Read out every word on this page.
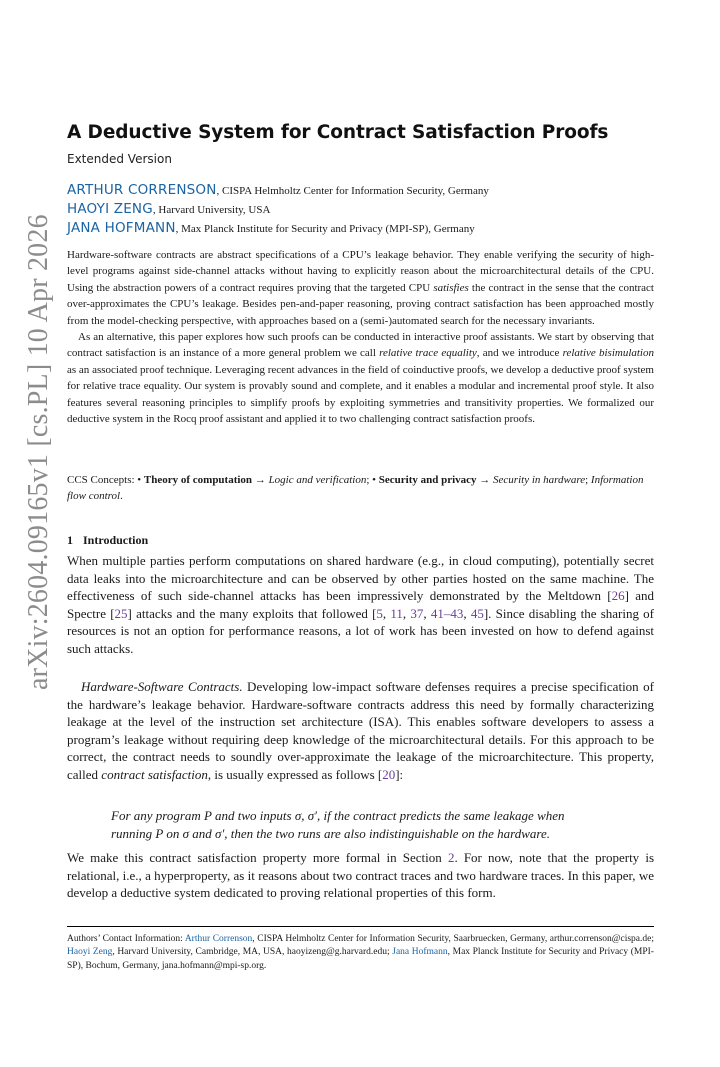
arXiv:2604.09165v1 [cs.PL] 10 Apr 2026
A Deductive System for Contract Satisfaction Proofs
Extended Version
ARTHUR CORRENSON, CISPA Helmholtz Center for Information Security, Germany
HAOYI ZENG, Harvard University, USA
JANA HOFMANN, Max Planck Institute for Security and Privacy (MPI-SP), Germany

Hardware-software contracts are abstract specifications of a CPU’s leakage behavior. They enable verifying the security of high-level programs against side-channel attacks without having to explicitly reason about the microarchitectural details of the CPU. Using the abstraction powers of a contract requires proving that the targeted CPU satisfies the contract in the sense that the contract over-approximates the CPU’s leakage. Besides pen-and-paper reasoning, proving contract satisfaction has been approached mostly from the model-checking perspective, with approaches based on a (semi-)automated search for the necessary invariants.

As an alternative, this paper explores how such proofs can be conducted in interactive proof assistants. We start by observing that contract satisfaction is an instance of a more general problem we call relative trace equality, and we introduce relative bisimulation as an associated proof technique. Leveraging recent advances in the field of coinductive proofs, we develop a deductive proof system for relative trace equality. Our system is provably sound and complete, and it enables a modular and incremental proof style. It also features several reasoning principles to simplify proofs by exploiting symmetries and transitivity properties. We formalized our deductive system in the Rocq proof assistant and applied it to two challenging contract satisfaction proofs.

CCS Concepts: • Theory of computation → Logic and verification; • Security and privacy → Security in hardware; Information flow control.
1 Introduction

When multiple parties perform computations on shared hardware (e.g., in cloud computing), potentially secret data leaks into the microarchitecture and can be observed by other parties hosted on the same machine. The effectiveness of such side-channel attacks has been impressively demonstrated by the Meltdown [26] and Spectre [25] attacks and the many exploits that followed [5, 11, 37, 41–43, 45]. Since disabling the sharing of resources is not an option for performance reasons, a lot of work has been invested on how to defend against such attacks.

Hardware-Software Contracts. Developing low-impact software defenses requires a precise specification of the hardware’s leakage behavior. Hardware-software contracts address this need by formally characterizing leakage at the level of the instruction set architecture (ISA). This enables software developers to assess a program’s leakage without requiring deep knowledge of the microarchitectural details. For this approach to be correct, the contract needs to soundly over-approximate the leakage of the microarchitecture. This property, called contract satisfaction, is usually expressed as follows [20]:

For any program P and two inputs σ, σ′, if the contract predicts the same leakage when
running P on σ and σ′, then the two runs are also indistinguishable on the hardware.

We make this contract satisfaction property more formal in Section 2. For now, note that the property is relational, i.e., a hyperproperty, as it reasons about two contract traces and two hardware traces. In this paper, we develop a deductive system dedicated to proving relational properties of this form.

Authors’ Contact Information: Arthur Correnson, CISPA Helmholtz Center for Information Security, Saarbruecken, Germany, arthur.correnson@cispa.de; Haoyi Zeng, Harvard University, Cambridge, MA, USA, haoyizeng@g.harvard.edu; Jana Hofmann, Max Planck Institute for Security and Privacy (MPI-SP), Bochum, Germany, jana.hofmann@mpi-sp.org.
